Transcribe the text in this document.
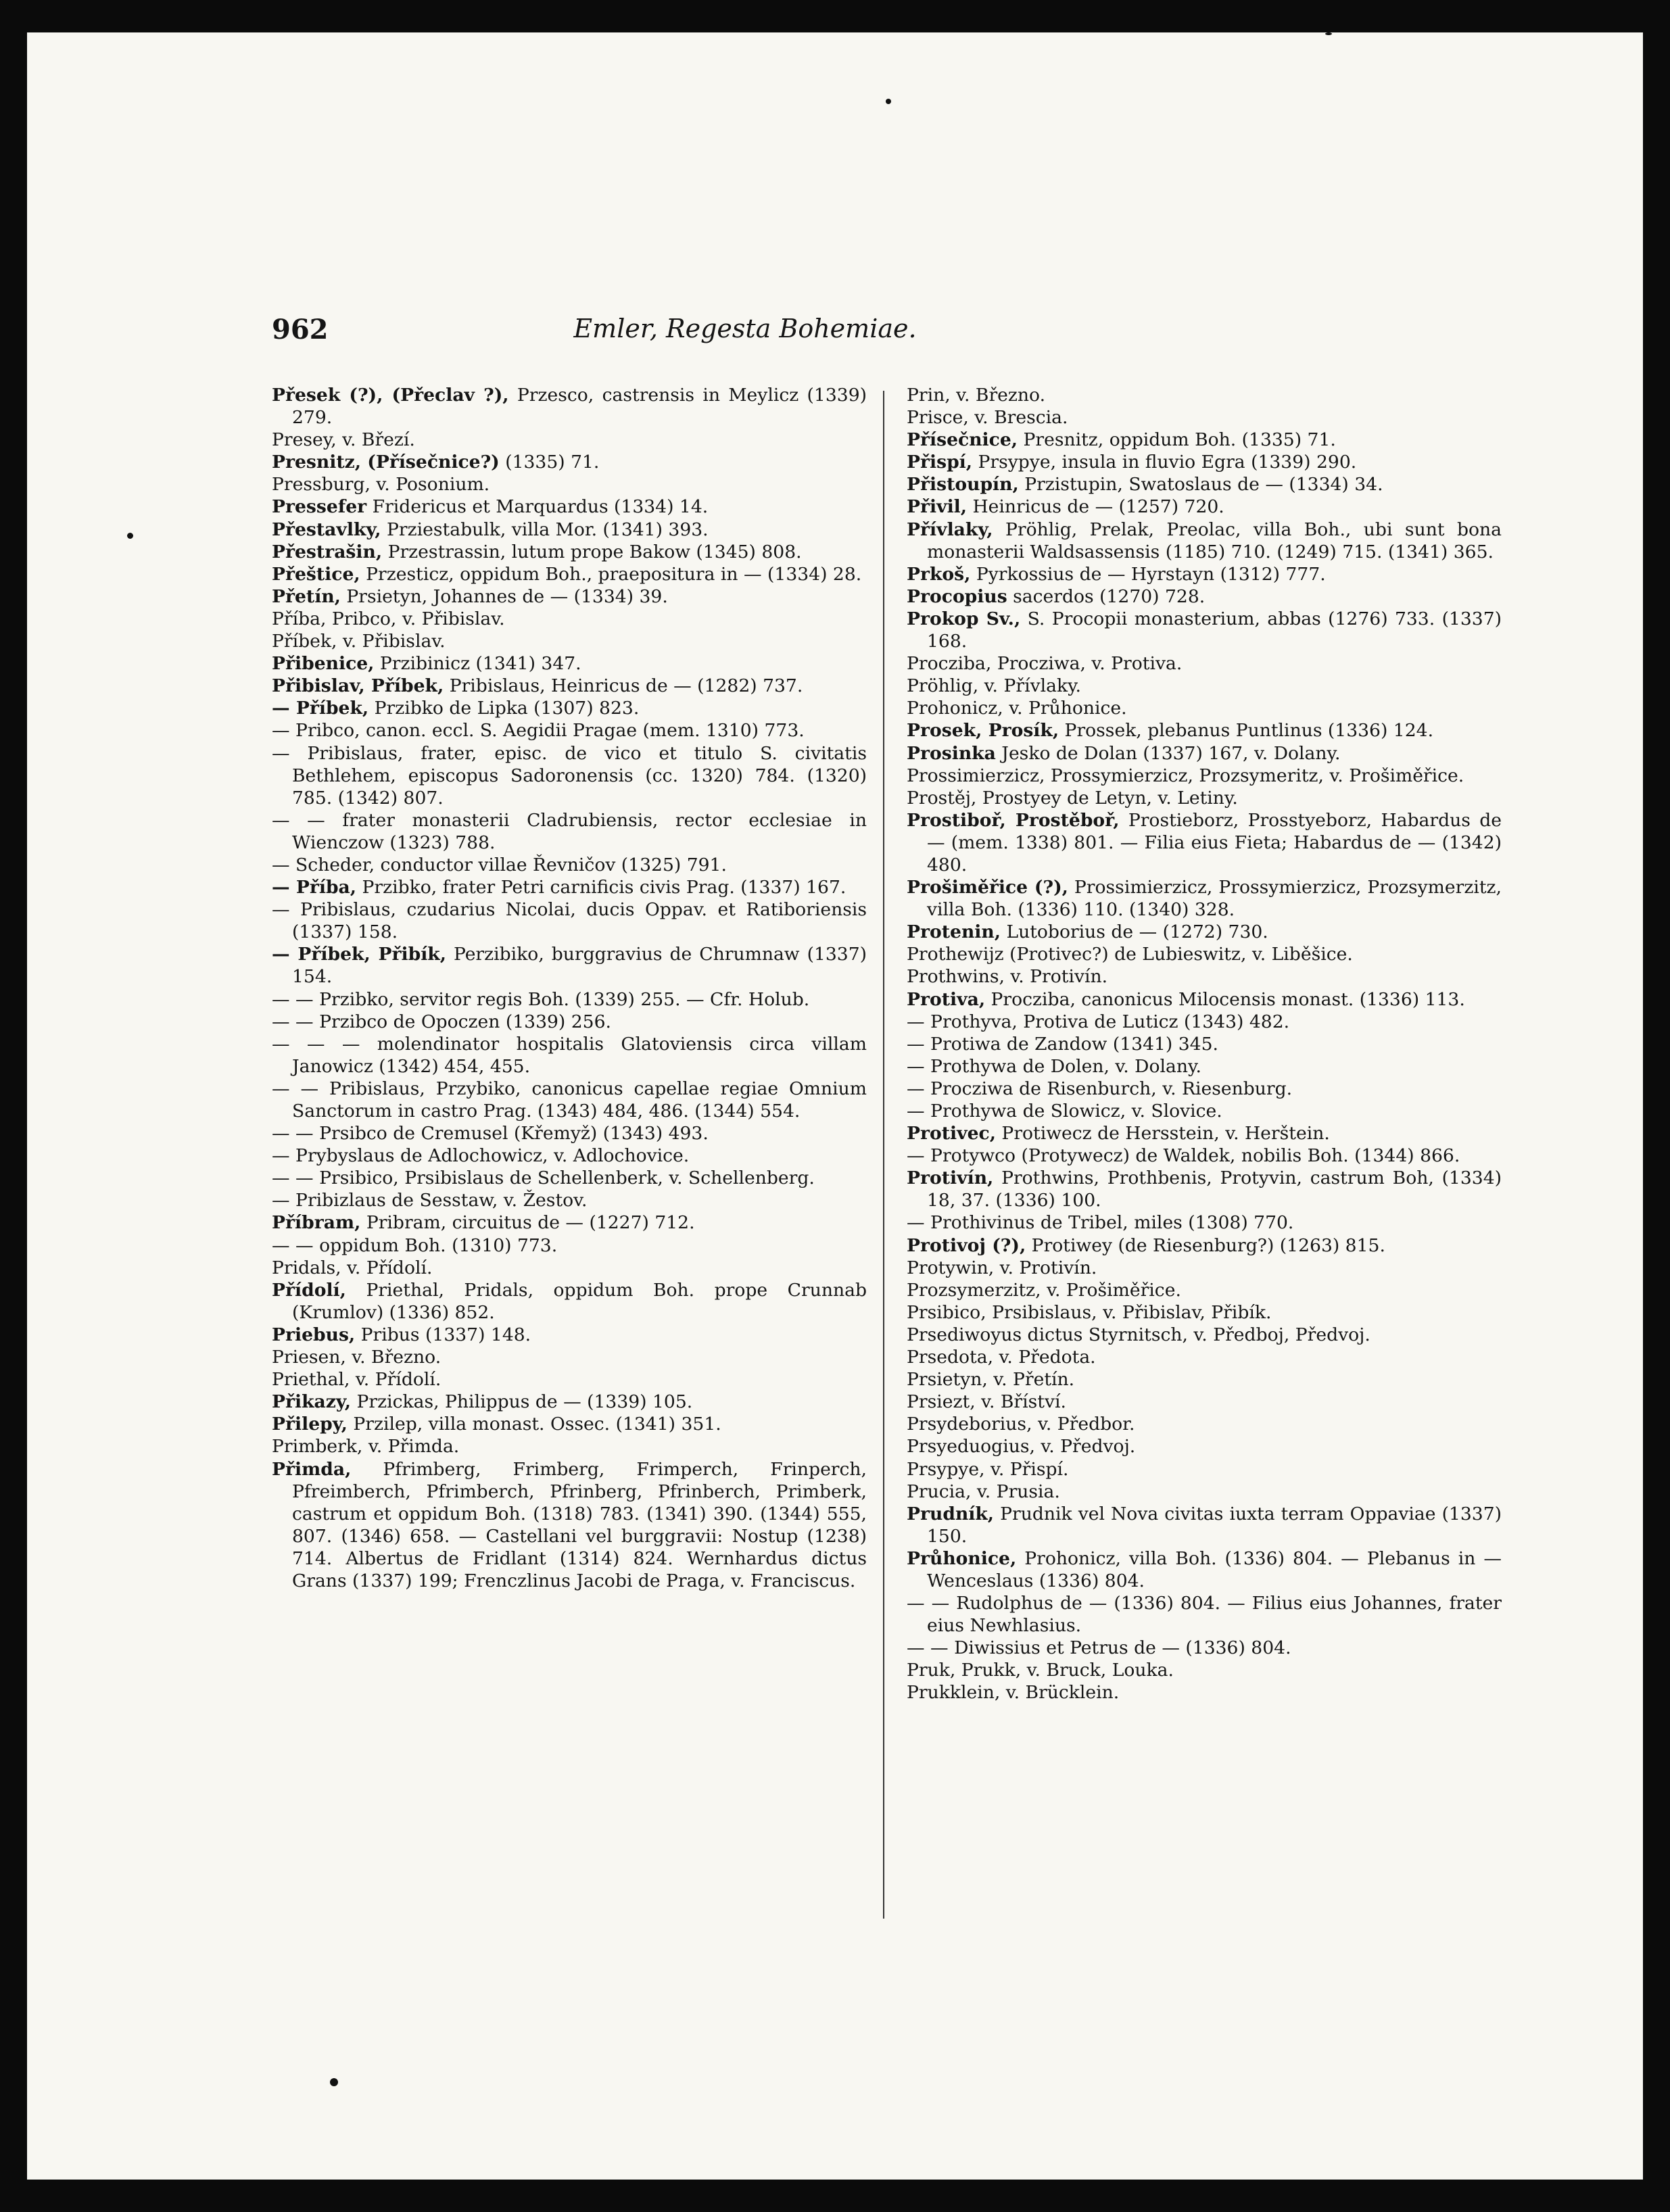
962	Emler, Regesta Bohemiae.

Přesek (?), (Přeclav ?), Przesco, castrensis in Meylicz (1339) 279.

Presey, v. Březí.

Presnitz, (Přísečnice?) (1335) 71.

Pressburg, v. Posonium.

Pressefer Fridericus et Marquardus (1334) 14.

Přestavlky, Prziestabulk, villa Mor. (1341) 393.

Přestrašin, Przestrassin, lutum prope Bakow (1345) 808.

Přeštice, Przesticz, oppidum Boh., praepositura in — (1334) 28.

Přetín, Prsietyn, Johannes de — (1334) 39.

Příba, Pribco, v. Přibislav.

Příbek, v. Přibislav.

Přibenice, Przibinicz (1341) 347.

Přibislav, Příbek, Pribislaus, Heinricus de — (1282) 737.

— Příbek, Przibko de Lipka (1307) 823.

— Pribco, canon. eccl. S. Aegidii Pragae (mem. 1310) 773.

— Pribislaus, frater, episc. de vico et titulo S. civitatis Bethlehem, episcopus Sadoronensis (cc. 1320) 784. (1320) 785. (1342) 807.

— — frater monasterii Cladrubiensis, rector ecclesiae in Wienczow (1323) 788.

— Scheder, conductor villae Řevničov (1325) 791.

— Příba, Przibko, frater Petri carnificis civis Prag. (1337) 167.

— Pribislaus, czudarius Nicolai, ducis Oppav. et Ratiboriensis (1337) 158.

— Příbek, Přibík, Perzibiko, burggravius de Chrumnaw (1337) 154.

— — Przibko, servitor regis Boh. (1339) 255. — Cfr. Holub.

— — Przibco de Opoczen (1339) 256.

— — — molendinator hospitalis Glatoviensis circa villam Janowicz (1342) 454, 455.

— — Pribislaus, Przybiko, canonicus capellae regiae Omnium Sanctorum in castro Prag. (1343) 484, 486. (1344) 554.

— — Prsibco de Cremusel (Křemyž) (1343) 493.

— Prybyslaus de Adlochowicz, v. Adlochovice.

— — Prsibico, Prsibislaus de Schellenberk, v. Schellenberg.

— Pribizlaus de Sesstaw, v. Žestov.

Příbram, Pribram, circuitus de — (1227) 712.

— — oppidum Boh. (1310) 773.

Pridals, v. Přídolí.

Přídolí, Priethal, Pridals, oppidum Boh. prope Crunnab (Krumlov) (1336) 852.

Priebus, Pribus (1337) 148.

Priesen, v. Březno.

Priethal, v. Přídolí.

Přikazy, Przickas, Philippus de — (1339) 105.

Přilepy, Przilep, villa monast. Ossec. (1341) 351.

Primberk, v. Přimda.

Přimda, Pfrimberg, Frimberg, Frimperch, Frinperch, Pfreimberch, Pfrimberch, Pfrinberg, Pfrinberch, Primberk, castrum et oppidum Boh. (1318) 783. (1341) 390. (1344) 555, 807. (1346) 658. — Castellani vel burggravii: Nostup (1238) 714. Albertus de Fridlant (1314) 824. Wernhardus dictus Grans (1337) 199; Frenczlinus Jacobi de Praga, v. Franciscus.

Prin, v. Březno.

Prisce, v. Brescia.

Přísečnice, Presnitz, oppidum Boh. (1335) 71.

Přispí, Prsypye, insula in fluvio Egra (1339) 290.

Přistoupín, Przistupin, Swatoslaus de — (1334) 34.

Přivil, Heinricus de — (1257) 720.

Přívlaky, Pröhlig, Prelak, Preolac, villa Boh., ubi sunt bona monasterii Waldsassensis (1185) 710. (1249) 715. (1341) 365.

Prkoš, Pyrkossius de — Hyrstayn (1312) 777.

Procopius sacerdos (1270) 728.

Prokop Sv., S. Procopii monasterium, abbas (1276) 733. (1337) 168.

Procziba, Procziwa, v. Protiva.

Pröhlig, v. Přívlaky.

Prohonicz, v. Průhonice.

Prosek, Prosík, Prossek, plebanus Puntlinus (1336) 124.

Prosinka Jesko de Dolan (1337) 167, v. Dolany.

Prossimierzicz, Prossymierzicz, Prozsymeritz, v. Prošiměřice.

Prostěj, Prostyey de Letyn, v. Letiny.

Prostiboř, Prostěboř, Prostieborz, Prosstyeborz, Habardus de — (mem. 1338) 801. — Filia eius Fieta; Habardus de — (1342) 480.

Prošiměřice (?), Prossimierzicz, Prossymierzicz, Prozsymerzitz, villa Boh. (1336) 110. (1340) 328.

Protenin, Lutoborius de — (1272) 730.

Prothewijz (Protivec?) de Lubieswitz, v. Liběšice.

Prothwins, v. Protivín.

Protiva, Procziba, canonicus Milocensis monast. (1336) 113.

— Prothyva, Protiva de Luticz (1343) 482.

— Protiwa de Zandow (1341) 345.

— Prothywa de Dolen, v. Dolany.

— Procziwa de Risenburch, v. Riesenburg.

— Prothywa de Slowicz, v. Slovice.

Protivec, Protiwecz de Hersstein, v. Herštein.

— Protywco (Protywecz) de Waldek, nobilis Boh. (1344) 866.

Protivín, Prothwins, Prothbenis, Protyvin, castrum Boh, (1334) 18, 37. (1336) 100.

— Prothivinus de Tribel, miles (1308) 770.

Protivoj (?), Protiwey (de Riesenburg?) (1263) 815.

Protywin, v. Protivín.

Prozsymerzitz, v. Prošiměřice.

Prsibico, Prsibislaus, v. Přibislav, Přibík.

Prsediwoyus dictus Styrnitsch, v. Předboj, Předvoj.

Prsedota, v. Předota.

Prsietyn, v. Přetín.

Prsiezt, v. Bříství.

Prsydeborius, v. Předbor.

Prsyeduogius, v. Předvoj.

Prsypye, v. Přispí.

Prucia, v. Prusia.

Prudník, Prudnik vel Nova civitas iuxta terram Oppaviae (1337) 150.

Průhonice, Prohonicz, villa Boh. (1336) 804. — Plebanus in — Wenceslaus (1336) 804.

— — Rudolphus de — (1336) 804. — Filius eius Johannes, frater eius Newhlasius.

— — Diwissius et Petrus de — (1336) 804.

Pruk, Prukk, v. Bruck, Louka.

Prukklein, v. Brücklein.
